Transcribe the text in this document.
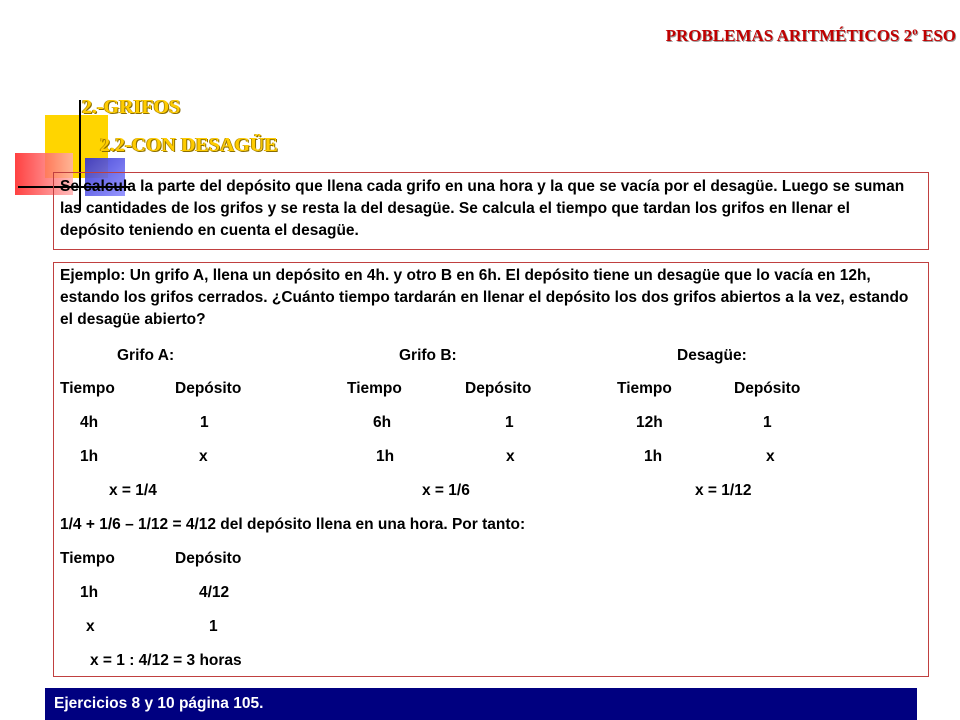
PROBLEMAS ARITMÉTICOS 2º ESO
2.-GRIFOS
2.2-CON DESAGÜE
Se calcula la parte del depósito que llena cada grifo en una hora y la que se vacía por el desagüe. Luego se suman las cantidades de los grifos y se resta la del desagüe. Se calcula el tiempo que tardan los grifos en llenar el depósito teniendo en cuenta el desagüe.
Ejemplo: Un grifo A, llena un depósito en 4h. y otro B en 6h. El depósito tiene un desagüe que lo vacía en 12h, estando los grifos cerrados. ¿Cuánto tiempo tardarán en llenar el depósito los dos grifos abiertos a la vez, estando el desagüe abierto?
Grifo A:	Grifo B:	Desagüe:
Tiempo	Depósito	Tiempo	Depósito	Tiempo	Depósito
4h	1	6h	1	12h	1
1h	x	1h	x	1h	x
x = 1/4	x = 1/6	x = 1/12
1/4 + 1/6 – 1/12 = 4/12 del depósito llena en una hora. Por tanto:
Tiempo	Depósito
1h	4/12
x	1
x = 1 : 4/12 = 3 horas
Ejercicios 8 y 10 página 105.
